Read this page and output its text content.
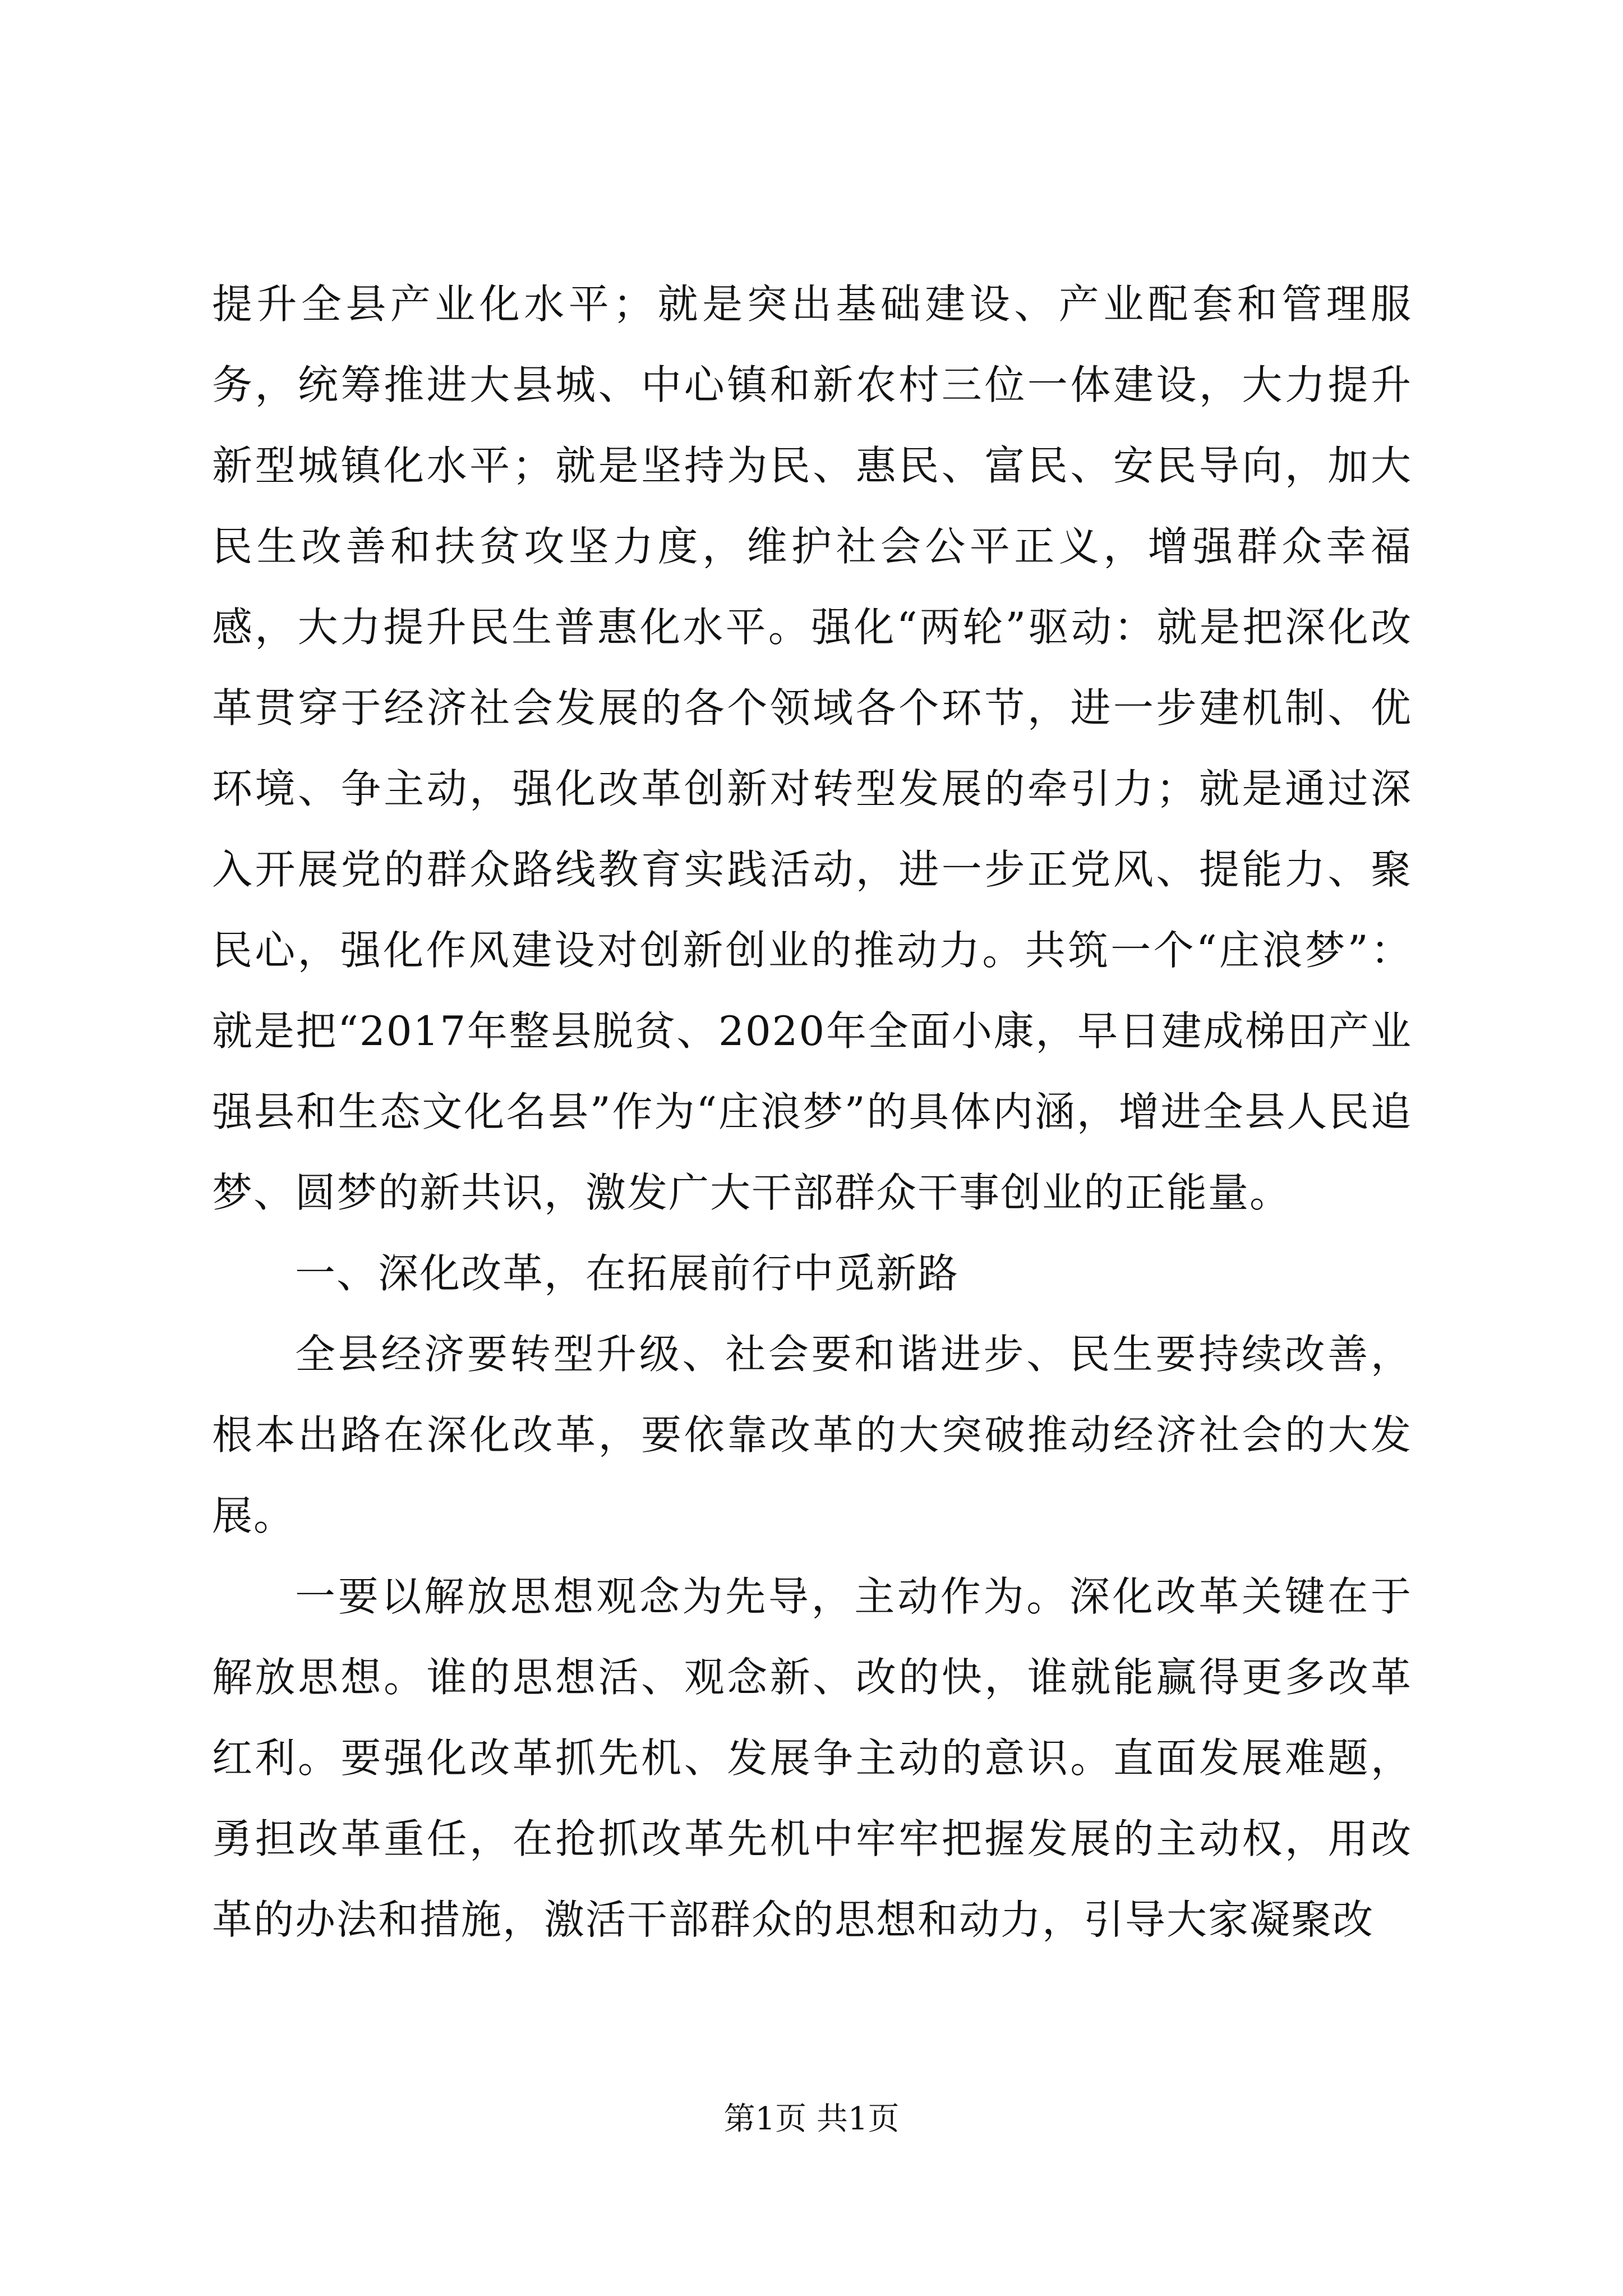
提升全县产业化水平；就是突出基础建设、产业配套和管理服务，统筹推进大县城、中心镇和新农村三位一体建设，大力提升新型城镇化水平；就是坚持为民、惠民、富民、安民导向，加大民生改善和扶贫攻坚力度，维护社会公平正义，增强群众幸福感，大力提升民生普惠化水平。强化“两轮”驱动：就是把深化改革贯穿于经济社会发展的各个领域各个环节，进一步建机制、优环境、争主动，强化改革创新对转型发展的牵引力；就是通过深入开展党的群众路线教育实践活动，进一步正党风、提能力、聚民心，强化作风建设对创新创业的推动力。共筑一个“庄浪梦”：就是把“2017年整县脱贫、2020年全面小康，早日建成梯田产业强县和生态文化名县”作为“庄浪梦”的具体内涵，增进全县人民追梦、圆梦的新共识，激发广大干部群众干事创业的正能量。

一、深化改革，在拓展前行中觅新路

全县经济要转型升级、社会要和谐进步、民生要持续改善，根本出路在深化改革，要依靠改革的大突破推动经济社会的大发展。

一要以解放思想观念为先导，主动作为。深化改革关键在于解放思想。谁的思想活、观念新、改的快，谁就能赢得更多改革红利。要强化改革抓先机、发展争主动的意识。直面发展难题，勇担改革重任，在抢抓改革先机中牢牢把握发展的主动权，用改革的办法和措施，激活干部群众的思想和动力，引导大家凝聚改

第1页 共1页
